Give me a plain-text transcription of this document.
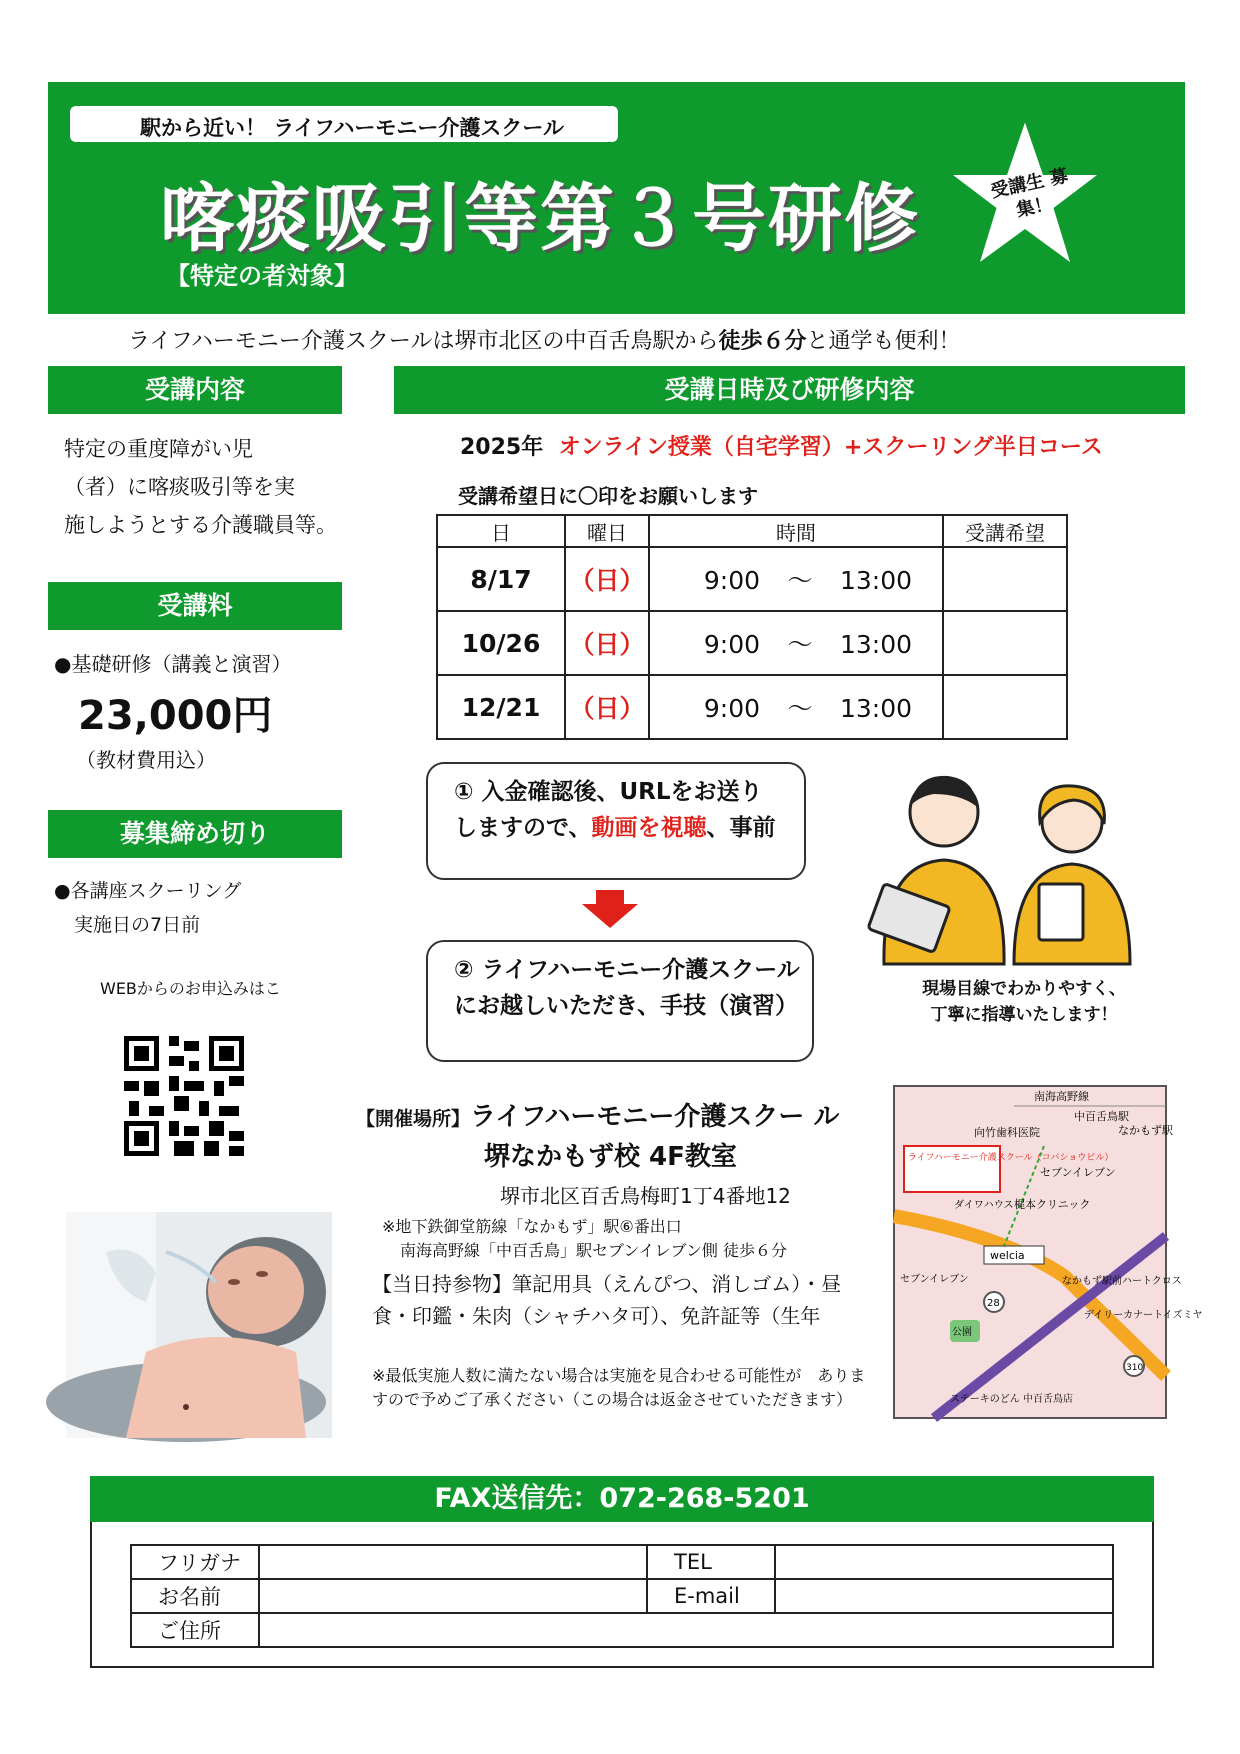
駅から近い！ ライフハーモニー介護スクール
喀痰吸引等第３号研修
【特定の者対象】
受講生 募集！
ライフハーモニー介護スクールは堺市北区の中百舌鳥駅から徒歩６分と通学も便利！
受講内容
特定の重度障がい児
（者）に喀痰吸引等を実
施しようとする介護職員等。
受講料
●基礎研修（講義と演習）
23,000円
（教材費用込）
募集締め切り
●各講座スクーリング
実施日の7日前
WEBからのお申込みはこ
受講日時及び研修内容
2025年 オンライン授業（自宅学習）+スクーリング半日コース
受講希望日に〇印をお願いします
日	曜日	時間	受講希望
8/17	（日）	9:00 ～ 13:00	
10/26	（日）	9:00 ～ 13:00	
12/21	（日）	9:00 ～ 13:00	
① 入金確認後、URLをお送り
しますので、動画を視聴、事前
② ライフハーモニー介護スクール
にお越しいただき、手技（演習）
現場目線でわかりやすく、
丁寧に指導いたします！
【開催場所】ライフハーモニー介護スクー ル
堺なかもず校 4F教室
堺市北区百舌鳥梅町1丁4番地12
※地下鉄御堂筋線「なかもず」駅⑥番出口
南海高野線「中百舌鳥」駅セブンイレブン側 徒歩６分
【当日持参物】筆記用具（えんぴつ、消しゴム）・昼食・印鑑・朱肉（シャチハタ可）、免許証等（生年
※最低実施人数に満たない場合は実施を見合わせる可能性が　ありますので予めご了承ください（この場合は返金させていただきます）
南海高野線
中百舌鳥駅
なかもず駅
向竹歯科医院
ライフハーモニー介護スクール（コバショウビル）
セブンイレブン
ダイワハウス 梶本クリニック
welcia
セブンイレブン	なかもず駅前ハートクロス
デイリーカナートイズミヤ
公園
28
310
ステーキのどん 中百舌鳥店
FAX送信先：072-268-5201
フリガナ		TEL	
お名前		E-mail	
ご住所			
